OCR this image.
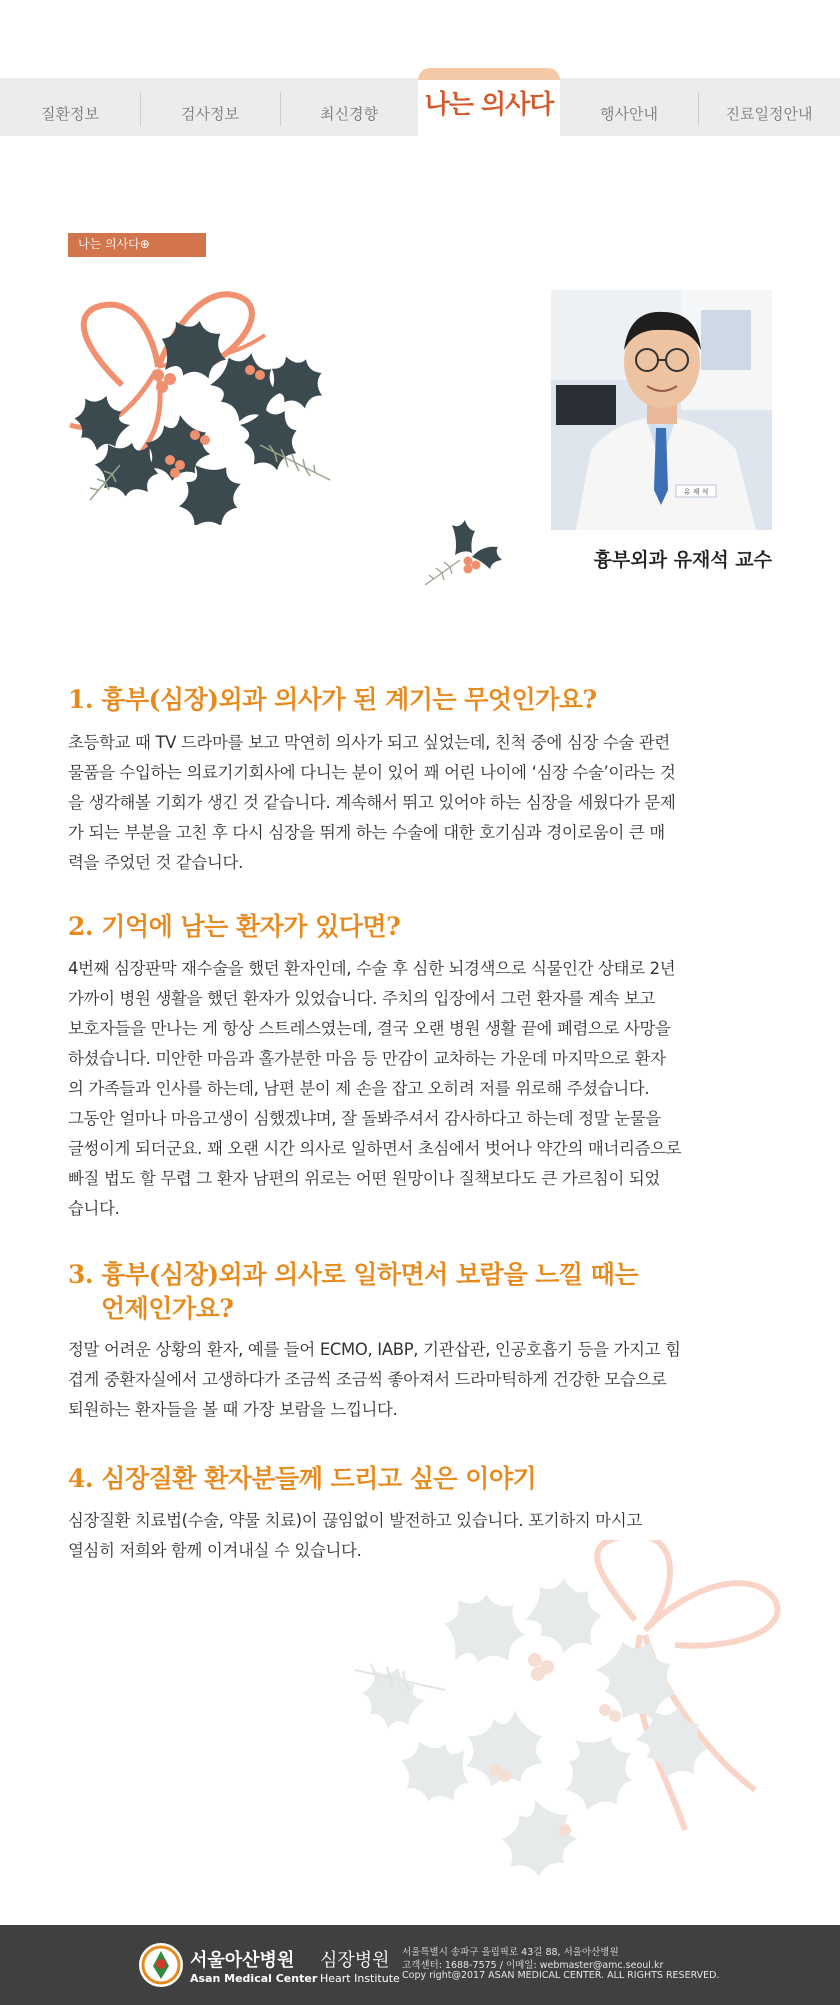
질환정보	검사정보	최신경향	나는 의사다	행사안내	진료일정안내
나는 의사다⊕
유 재 석
흉부외과 유재석 교수
1. 흉부(심장)외과 의사가 된 계기는 무엇인가요?
초등학교 때 TV 드라마를 보고 막연히 의사가 되고 싶었는데, 친척 중에 심장 수술 관련
물품을 수입하는 의료기기회사에 다니는 분이 있어 꽤 어린 나이에 ‘심장 수술’이라는 것
을 생각해볼 기회가 생긴 것 같습니다. 계속해서 뛰고 있어야 하는 심장을 세웠다가 문제
가 되는 부분을 고친 후 다시 심장을 뛰게 하는 수술에 대한 호기심과 경이로움이 큰 매
력을 주었던 것 같습니다.
2. 기억에 남는 환자가 있다면?
4번째 심장판막 재수술을 했던 환자인데, 수술 후 심한 뇌경색으로 식물인간 상태로 2년
가까이 병원 생활을 했던 환자가 있었습니다. 주치의 입장에서 그런 환자를 계속 보고
보호자들을 만나는 게 항상 스트레스였는데, 결국 오랜 병원 생활 끝에 폐렴으로 사망을
하셨습니다. 미안한 마음과 홀가분한 마음 등 만감이 교차하는 가운데 마지막으로 환자
의 가족들과 인사를 하는데, 남편 분이 제 손을 잡고 오히려 저를 위로해 주셨습니다.
그동안 얼마나 마음고생이 심했겠냐며, 잘 돌봐주셔서 감사하다고 하는데 정말 눈물을
글썽이게 되더군요. 꽤 오랜 시간 의사로 일하면서 초심에서 벗어나 약간의 매너리즘으로
빠질 법도 할 무렵 그 환자 남편의 위로는 어떤 원망이나 질책보다도 큰 가르침이 되었
습니다.
3. 흉부(심장)외과 의사로 일하면서 보람을 느낄 때는
언제인가요?
정말 어려운 상황의 환자, 예를 들어 ECMO, IABP, 기관삽관, 인공호흡기 등을 가지고 힘
겹게 중환자실에서 고생하다가 조금씩 조금씩 좋아져서 드라마틱하게 건강한 모습으로
퇴원하는 환자들을 볼 때 가장 보람을 느낍니다.
4. 심장질환 환자분들께 드리고 싶은 이야기
심장질환 치료법(수술, 약물 치료)이 끊임없이 발전하고 있습니다. 포기하지 마시고
열심히 저희와 함께 이겨내실 수 있습니다.
서울아산병원
Asan Medical Center
심장병원
Heart Institute
서울특별시 송파구 올림픽로 43길 88, 서울아산병원
고객센터: 1688-7575 / 이메일: webmaster@amc.seoul.kr
Copy right@2017 ASAN MEDICAL CENTER. ALL RIGHTS RESERVED.
